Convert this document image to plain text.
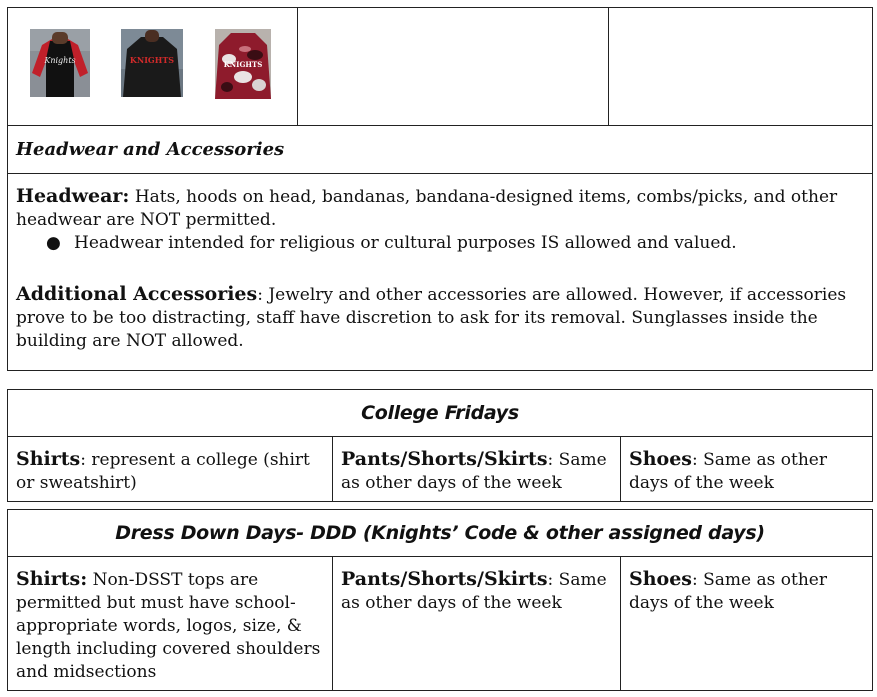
Knights	KNIGHTS	KNIGHTS
Headwear and Accessories

Headwear: Hats, hoods on head, bandanas, bandana-designed items, combs/picks, and other headwear are NOT permitted.

● Headwear intended for religious or cultural purposes IS allowed and valued.

Additional Accessories: Jewelry and other accessories are allowed. However, if accessories prove to be too distracting, staff have discretion to ask for its removal. Sunglasses inside the building are NOT allowed.

College Fridays
Shirts: represent a college (shirt or sweatshirt)
Pants/Shorts/Skirts: Same as other days of the week
Shoes: Same as other days of the week
Dress Down Days- DDD (Knights’ Code & other assigned days)
Shirts: Non-DSST tops are permitted but must have school-appropriate words, logos, size, & length including covered shoulders and midsections
Pants/Shorts/Skirts: Same as other days of the week
Shoes: Same as other days of the week
